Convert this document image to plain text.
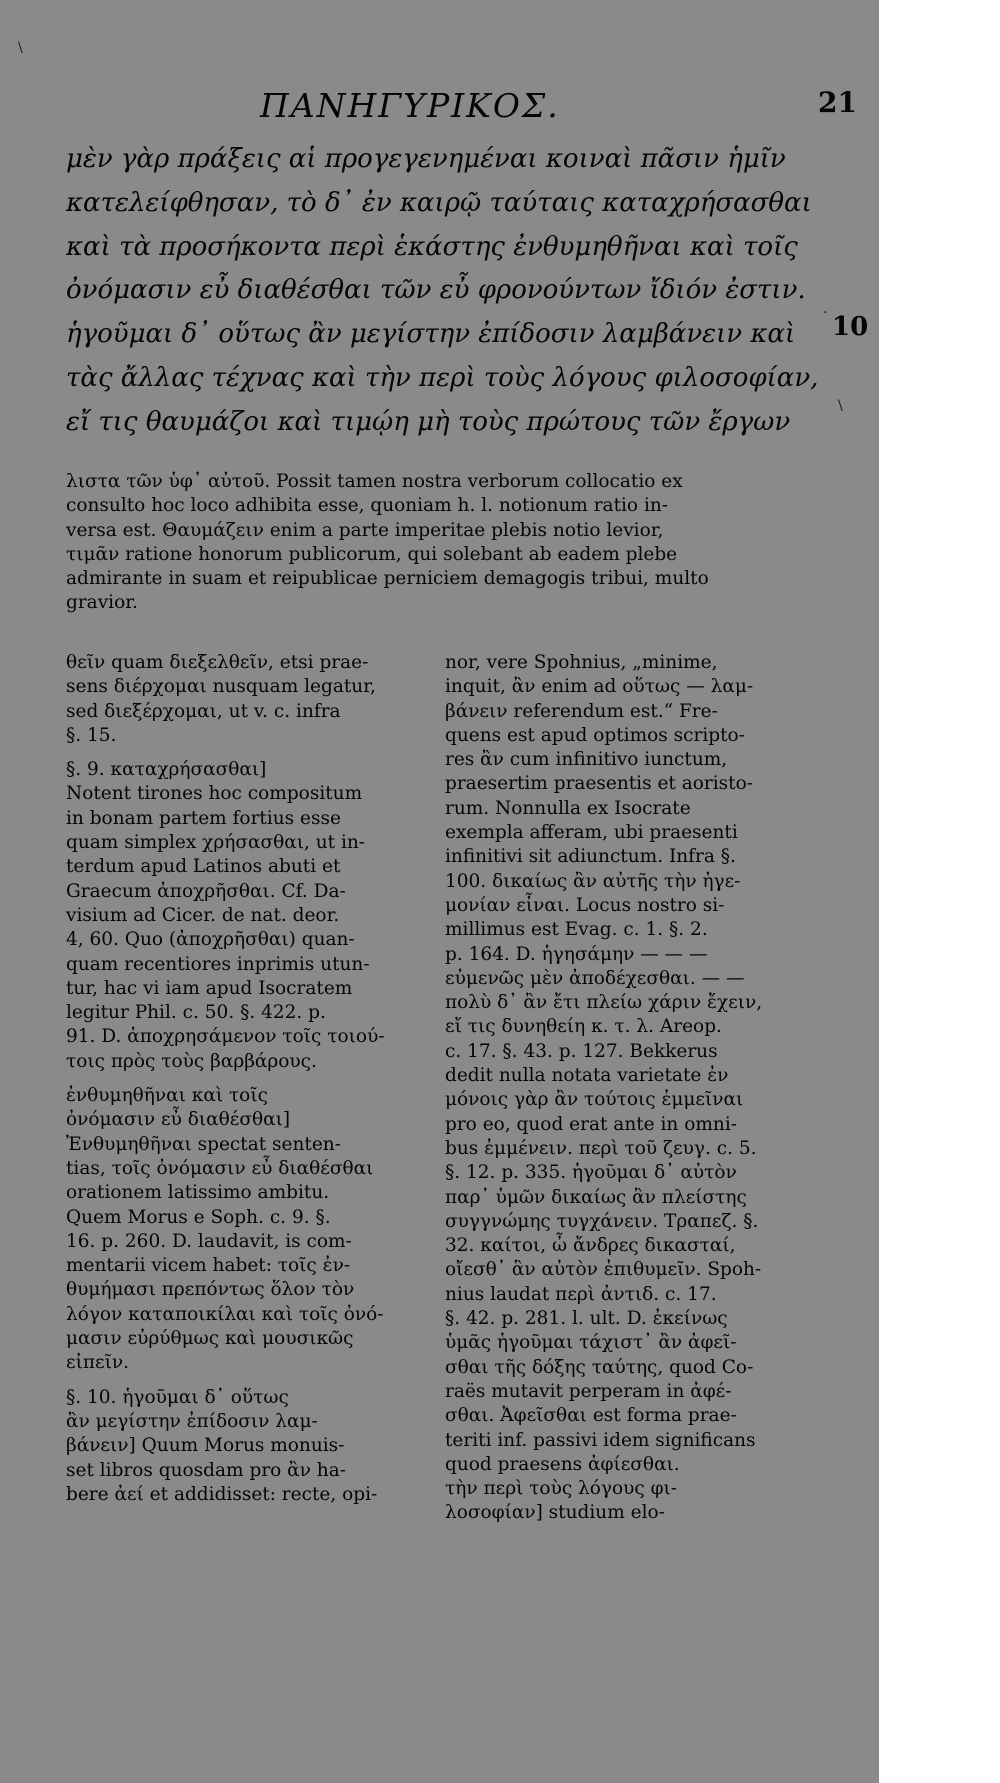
ΠΑΝΗΓΥΡΙΚΟΣ.	21
μὲν γὰρ πράξεις αἱ προγεγενημέναι κοιναὶ πᾶσιν ἡμῖν
κατελείφθησαν, τὸ δ᾽ ἐν καιρῷ ταύταις καταχρήσασθαι
καὶ τὰ προσήκοντα περὶ ἑκάστης ἐνθυμηθῆναι καὶ τοῖς
ὀνόμασιν εὖ διαθέσθαι τῶν εὖ φρονούντων ἴδιόν ἐστιν.
ἡγοῦμαι δ᾽ οὕτως ἂν μεγίστην ἐπίδοσιν λαμβάνειν καὶ
τὰς ἄλλας τέχνας καὶ τὴν περὶ τοὺς λόγους φιλοσοφίαν,
εἴ τις θαυμάζοι καὶ τιμῴη μὴ τοὺς πρώτους τῶν ἔργων
10
λιστα τῶν ὑφ᾽ αὐτοῦ. Possit tamen nostra verborum collocatio ex
consulto hoc loco adhibita esse, quoniam h. l. notionum ratio in-
versa est. Θαυμάζειν enim a parte imperitae plebis notio levior,
τιμᾶν ratione honorum publicorum, qui solebant ab eadem plebe
admirante in suam et reipublicae perniciem demagogis tribui, multo
gravior.
θεῖν quam διεξελθεῖν, etsi prae-
sens διέρχομαι nusquam legatur,
sed διεξέρχομαι, ut v. c. infra
§. 15.
§. 9. καταχρήσασθαι]
Notent tirones hoc compositum
in bonam partem fortius esse
quam simplex χρήσασθαι, ut in-
terdum apud Latinos abuti et
Graecum ἀποχρῆσθαι. Cf. Da-
visium ad Cicer. de nat. deor.
4, 60. Quo (ἀποχρῆσθαι) quan-
quam recentiores inprimis utun-
tur, hac vi iam apud Isocratem
legitur Phil. c. 50. §. 422. p.
91. D. ἀποχρησάμενον τοῖς τοιού-
τοις πρὸς τοὺς βαρβάρους.
ἐνθυμηθῆναι καὶ τοῖς
ὀνόμασιν εὖ διαθέσθαι]
Ἐνθυμηθῆναι spectat senten-
tias, τοῖς ὀνόμασιν εὖ διαθέσθαι
orationem latissimo ambitu.
Quem Morus e Soph. c. 9. §.
16. p. 260. D. laudavit, is com-
mentarii vicem habet: τοῖς ἐν-
θυμήμασι πρεπόντως ὅλον τὸν
λόγον καταποικίλαι καὶ τοῖς ὀνό-
μασιν εὐρύθμως καὶ μουσικῶς
εἰπεῖν.
§. 10. ἡγοῦμαι δ᾽ οὕτως
ἂν μεγίστην ἐπίδοσιν λαμ-
βάνειν] Quum Morus monuis-
set libros quosdam pro ἂν ha-
bere ἀεί et addidisset: recte, opi-
nor, vere Spohnius, „minime,
inquit, ἂν enim ad οὕτως — λαμ-
βάνειν referendum est.“ Fre-
quens est apud optimos scripto-
res ἂν cum infinitivo iunctum,
praesertim praesentis et aoristo-
rum. Nonnulla ex Isocrate
exempla afferam, ubi praesenti
infinitivi sit adiunctum. Infra §.
100. δικαίως ἂν αὐτῆς τὴν ἡγε-
μονίαν εἶναι. Locus nostro si-
millimus est Evag. c. 1. §. 2.
p. 164. D. ἡγησάμην — — —
εὐμενῶς μὲν ἀποδέχεσθαι. — —
πολὺ δ᾽ ἂν ἔτι πλείω χάριν ἔχειν,
εἴ τις δυνηθείη κ. τ. λ. Areop.
c. 17. §. 43. p. 127. Bekkerus
dedit nulla notata varietate ἐν
μόνοις γὰρ ἂν τούτοις ἐμμεῖναι
pro eo, quod erat ante in omni-
bus ἐμμένειν. περὶ τοῦ ζευγ. c. 5.
§. 12. p. 335. ἡγοῦμαι δ᾽ αὐτὸν
παρ᾽ ὑμῶν δικαίως ἂν πλείστης
συγγνώμης τυγχάνειν. Τραπεζ. §.
32. καίτοι, ὦ ἄνδρες δικασταί,
οἴεσθ᾽ ἂν αὐτὸν ἐπιθυμεῖν. Spoh-
nius laudat περὶ ἀντιδ. c. 17.
§. 42. p. 281. l. ult. D. ἐκείνως
ὑμᾶς ἡγοῦμαι τάχιστ᾽ ἂν ἀφεῖ-
σθαι τῆς δόξης ταύτης, quod Co-
raës mutavit perperam in ἀφέ-
σθαι. Ἀφεῖσθαι est forma prae-
teriti inf. passivi idem significans
quod praesens ἀφίεσθαι.
τὴν περὶ τοὺς λόγους φι-
λοσοφίαν] studium elo-
\
·
\
